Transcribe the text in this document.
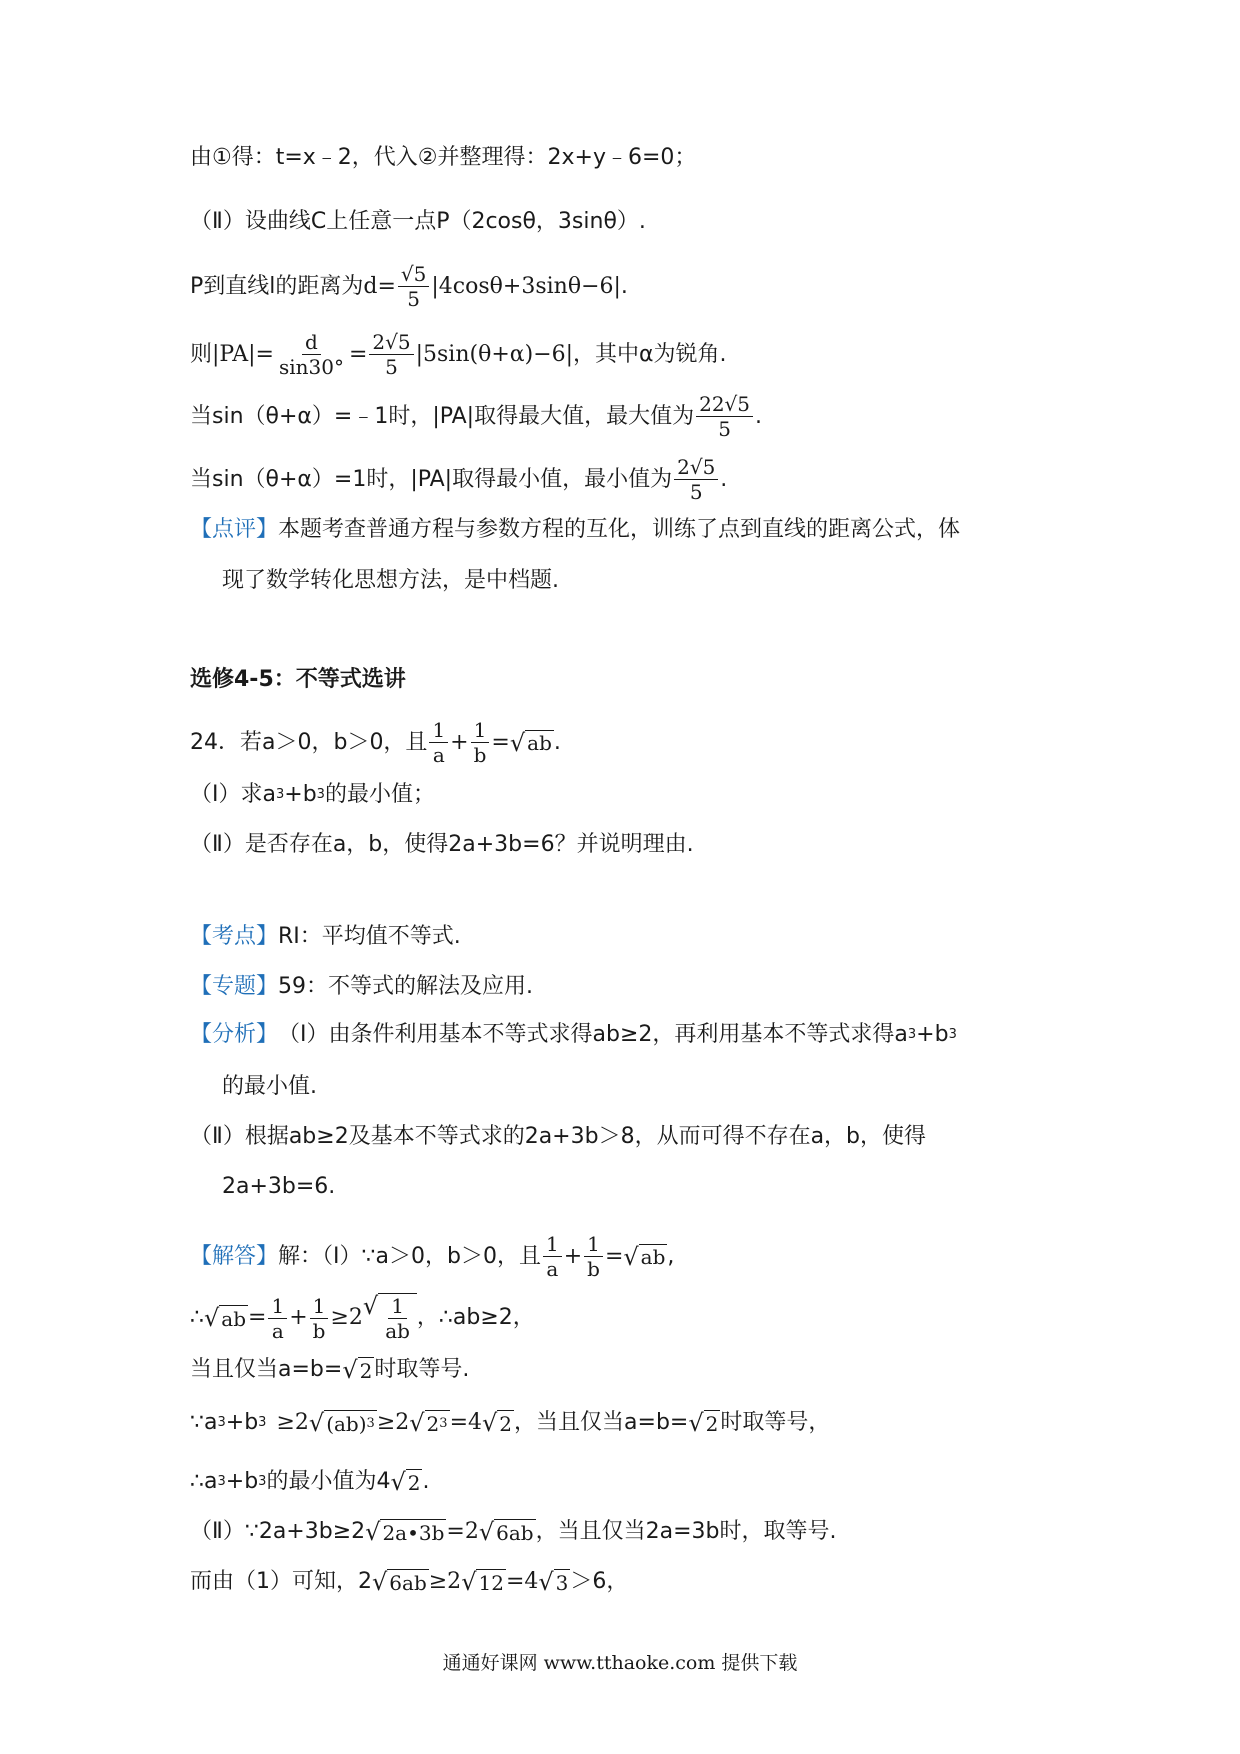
由①得：t=x﹣2，代入②并整理得：2x+y﹣6=0；
（Ⅱ）设曲线C上任意一点P（2cosθ，3sinθ）.
P到直线l的距离为 $d= \frac{√5}{5} |4\cos\theta+3\sin\theta-6|$ .
则 $|PA|= \frac{d}{\sin 30^\circ} = \frac{2√5}{5} |5\sin(\theta+\alpha)-6|$ ，其中α为锐角.
当sin（θ+α）=﹣1时，|PA|取得最大值，最大值为 $\frac{22√5}{5}$ .
当sin（θ+α）=1时，|PA|取得最小值，最小值为 $\frac{2√5}{5}$ .
【点评】 本题考查普通方程与参数方程的互化，训练了点到直线的距离公式，体
现了数学转化思想方法，是中档题.
选修4-5：不等式选讲
24．若a＞0，b＞0，且 $\frac{1}{a} + \frac{1}{b}$ = √ ab .
（Ⅰ）求a 3 +b 3 的最小值；
（Ⅱ）是否存在a，b，使得2a+3b=6？并说明理由.
【考点】 RI：平均值不等式.
【专题】 59：不等式的解法及应用.
【分析】 （Ⅰ）由条件利用基本不等式求得ab≥2，再利用基本不等式求得a 3 +b 3
的最小值.
（Ⅱ）根据ab≥2及基本不等式求的2a+3b＞8，从而可得不存在a，b，使得
2a+3b=6.
【解答】 解：（Ⅰ）∵a＞0，b＞0，且 $\frac{1}{a} + \frac{1}{b}$ = √ ab ,
∴ √ ab = $\frac{1}{a} + \frac{1}{b} \ge 2$ √ $\frac{1}{ab}$ ，∴ab≥2，
当且仅当a=b= √ 2 时取等号.
∵a 3 +b 3 ≥2 √ (ab) 3 ≥2 √ 2 3 =4 √ 2 ，当且仅当a=b= √ 2 时取等号，
∴a 3 +b 3 的最小值为4 √ 2 .
（Ⅱ）∵2a+3b≥2 √ 2a•3b =2 √ 6ab ，当且仅当2a=3b时，取等号.
而由（1）可知，2 √ 6ab ≥2 √ 12 =4 √ 3 ＞6，
通通好课网 www.tthaoke.com 提供下载
